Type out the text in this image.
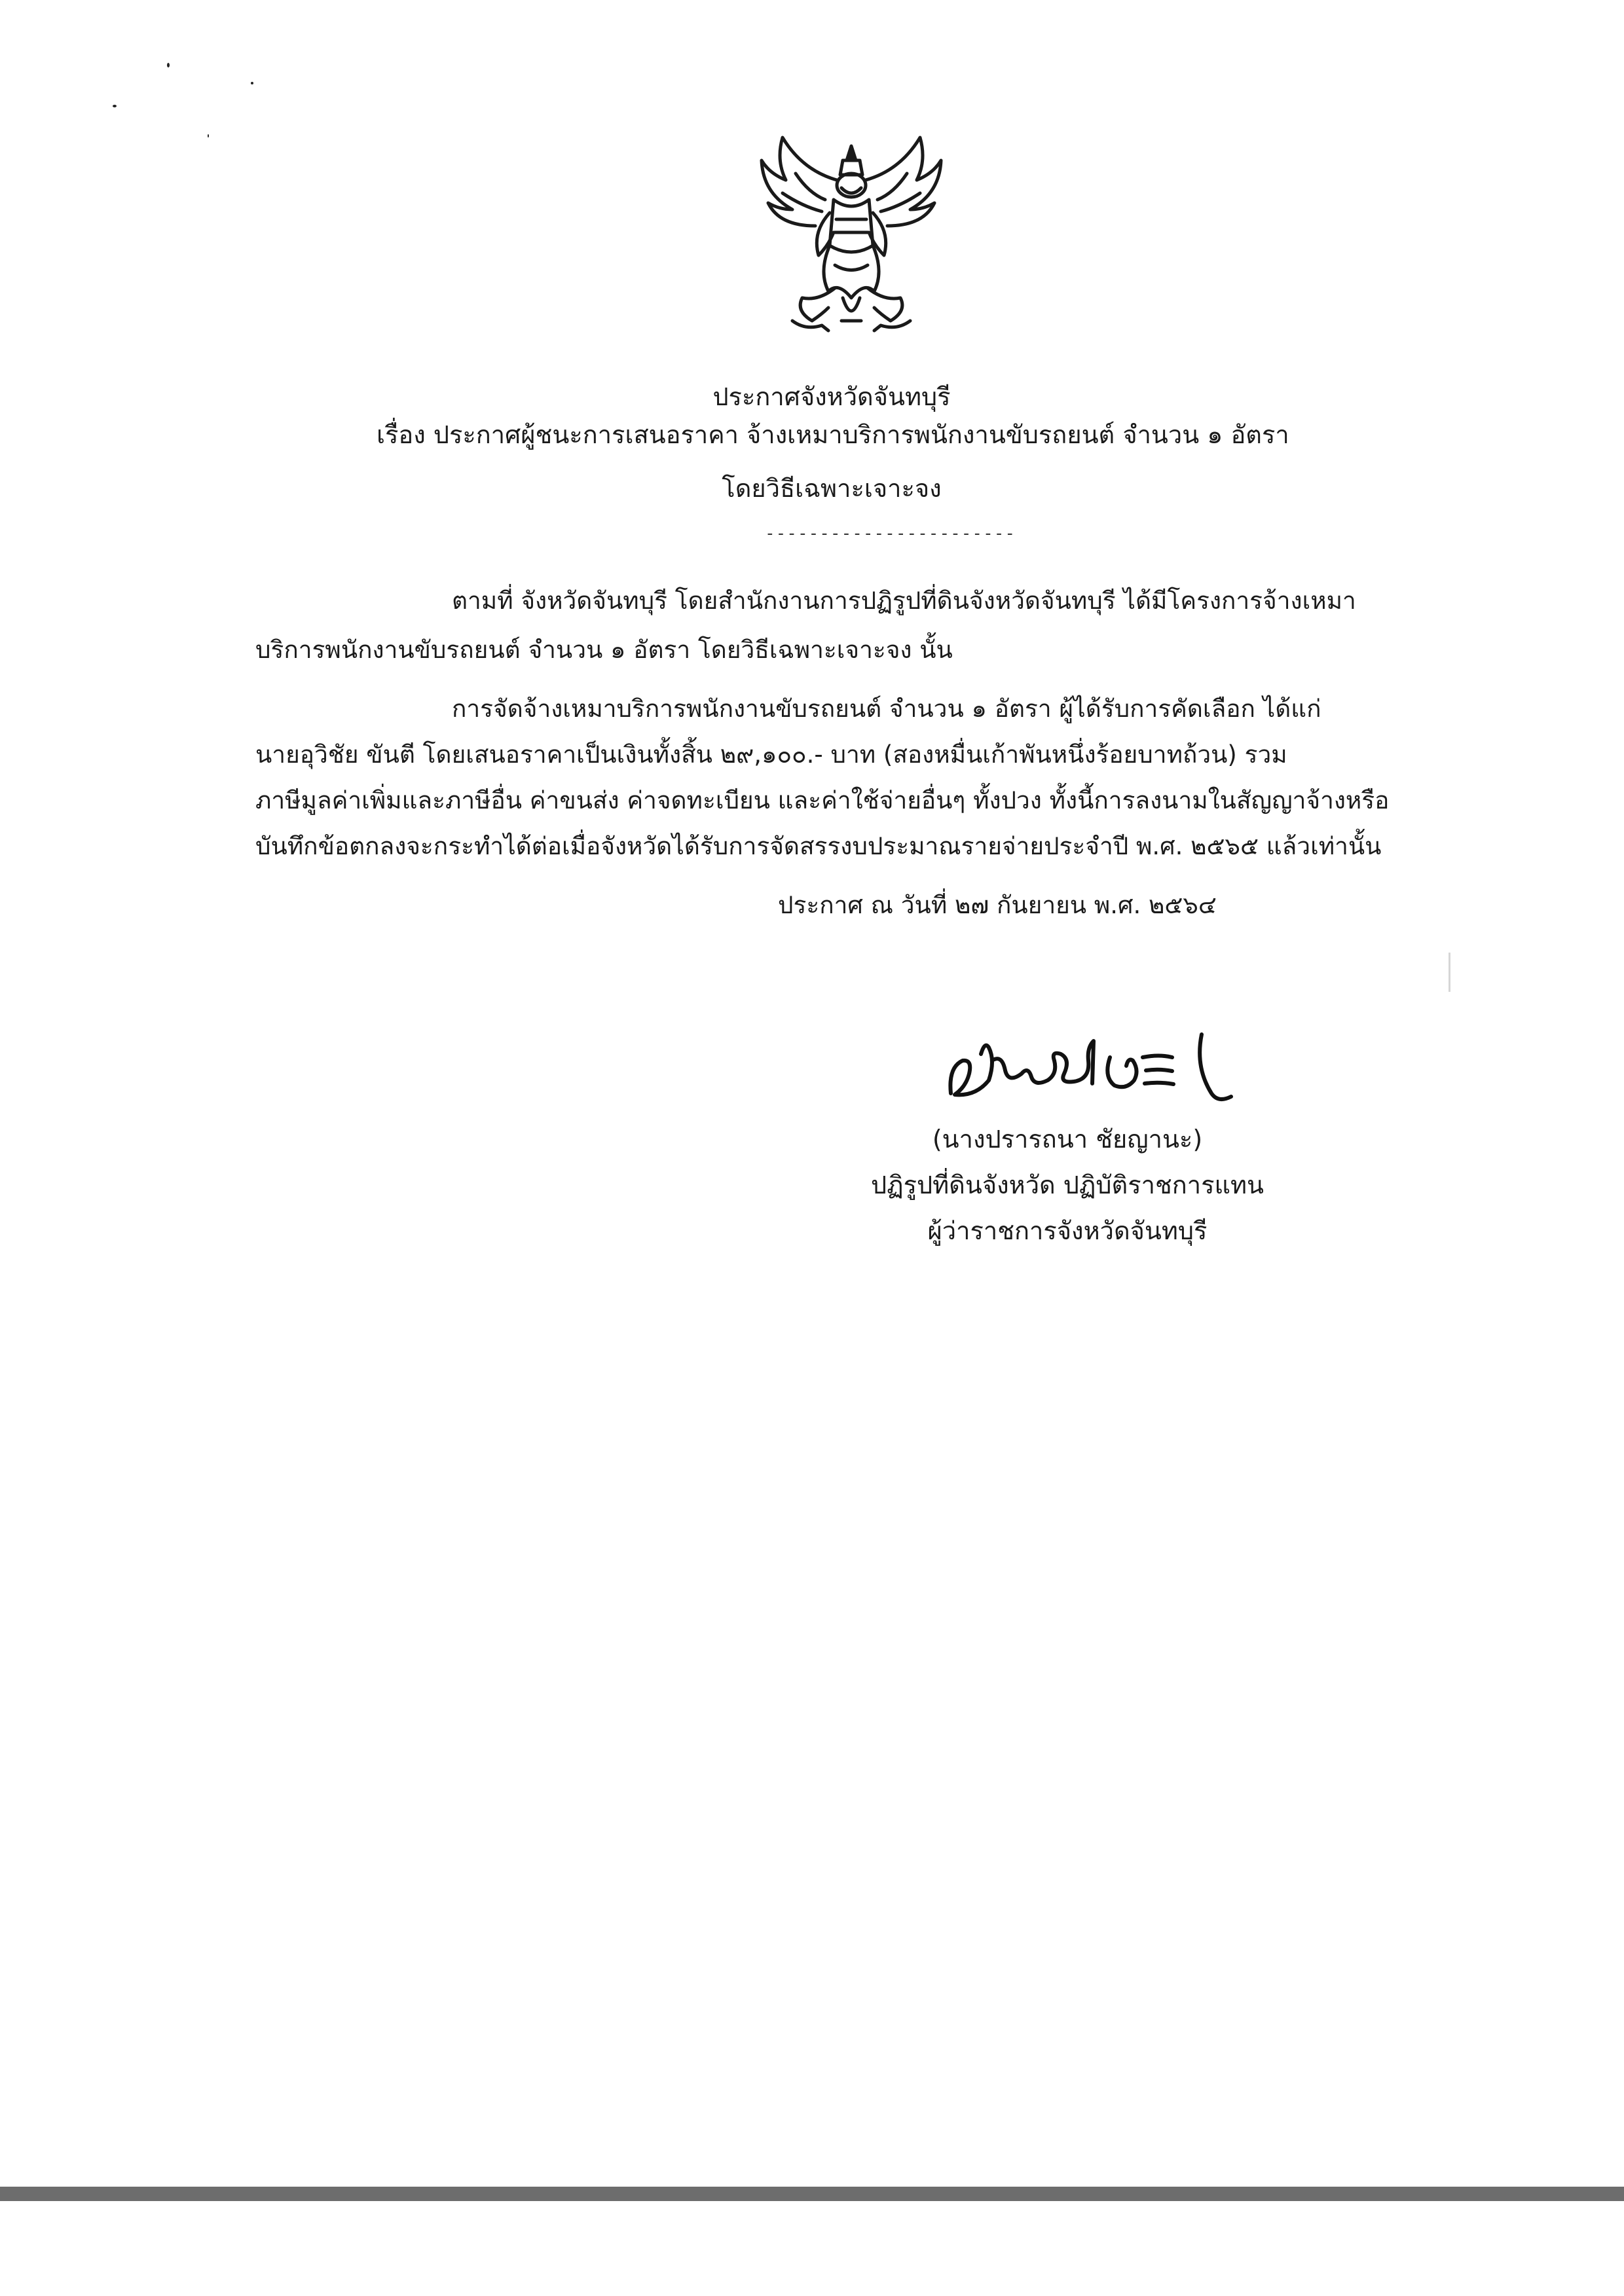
ประกาศจังหวัดจันทบุรี
เรื่อง ประกาศผู้ชนะการเสนอราคา จ้างเหมาบริการพนักงานขับรถยนต์ จำนวน ๑ อัตรา
โดยวิธีเฉพาะเจาะจง
-----------------------
ตามที่ จังหวัดจันทบุรี โดยสำนักงานการปฏิรูปที่ดินจังหวัดจันทบุรี ได้มีโครงการจ้างเหมา
บริการพนักงานขับรถยนต์ จำนวน ๑ อัตรา โดยวิธีเฉพาะเจาะจง นั้น
การจัดจ้างเหมาบริการพนักงานขับรถยนต์ จำนวน ๑ อัตรา ผู้ได้รับการคัดเลือก ได้แก่
นายอุวิชัย ขันตี โดยเสนอราคาเป็นเงินทั้งสิ้น ๒๙,๑๐๐.- บาท (สองหมื่นเก้าพันหนึ่งร้อยบาทถ้วน) รวม
ภาษีมูลค่าเพิ่มและภาษีอื่น ค่าขนส่ง ค่าจดทะเบียน และค่าใช้จ่ายอื่นๆ ทั้งปวง ทั้งนี้การลงนามในสัญญาจ้างหรือ
บันทึกข้อตกลงจะกระทำได้ต่อเมื่อจังหวัดได้รับการจัดสรรงบประมาณรายจ่ายประจำปี พ.ศ. ๒๕๖๕ แล้วเท่านั้น
ประกาศ ณ วันที่ ๒๗ กันยายน พ.ศ. ๒๕๖๔
(นางปรารถนา ชัยญานะ)
ปฏิรูปที่ดินจังหวัด ปฏิบัติราชการแทน
ผู้ว่าราชการจังหวัดจันทบุรี
